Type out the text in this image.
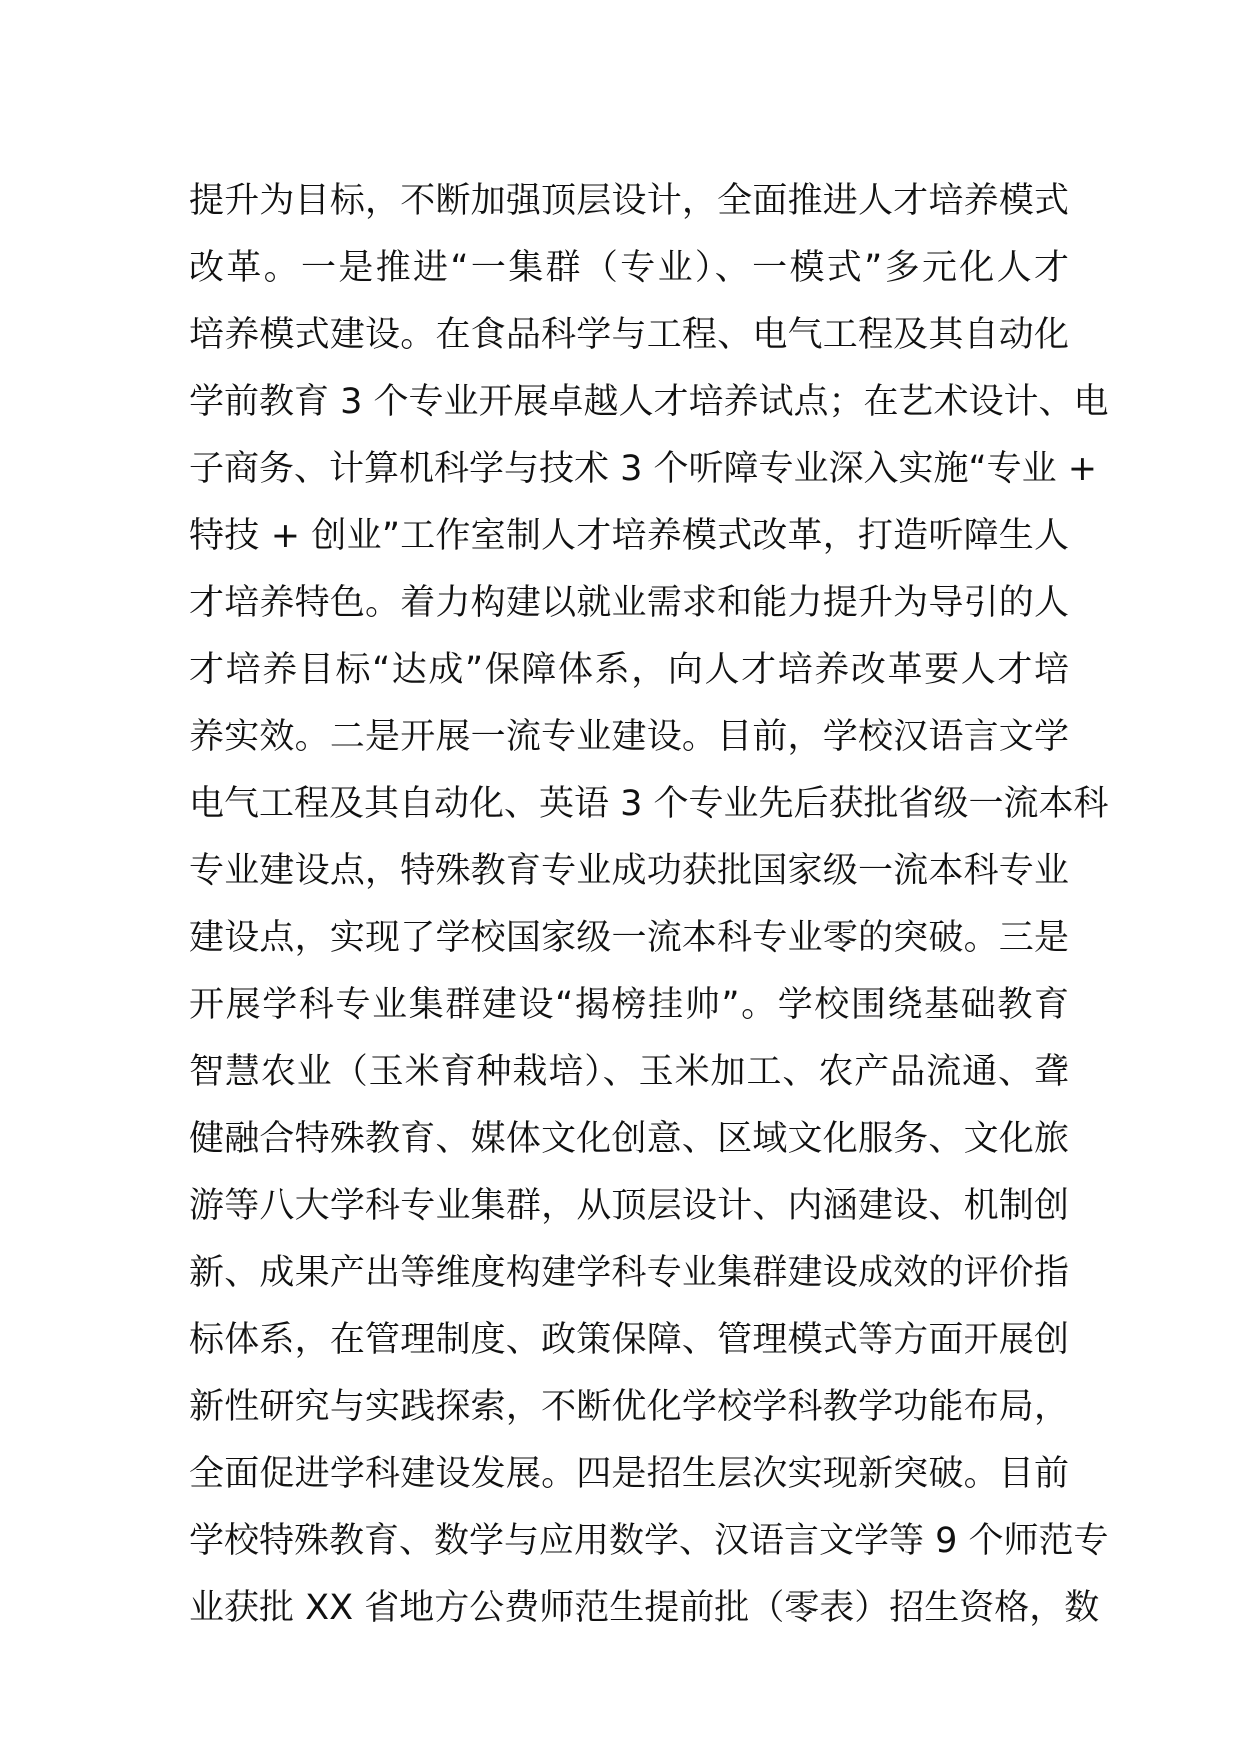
提升为目标，不断加强顶层设计，全面推进人才培养模式
改革。一是推进“一集群（专业）、一模式”多元化人才
培养模式建设。在食品科学与工程、电气工程及其自动化
学前教育 3 个专业开展卓越人才培养试点；在艺术设计、电
子商务、计算机科学与技术 3 个听障专业深入实施“专业 +
特技 + 创业”工作室制人才培养模式改革，打造听障生人
才培养特色。着力构建以就业需求和能力提升为导引的人
才培养目标“达成”保障体系，向人才培养改革要人才培
养实效。二是开展一流专业建设。目前，学校汉语言文学
电气工程及其自动化、英语 3 个专业先后获批省级一流本科
专业建设点，特殊教育专业成功获批国家级一流本科专业
建设点，实现了学校国家级一流本科专业零的突破。三是
开展学科专业集群建设“揭榜挂帅”。学校围绕基础教育
智慧农业（玉米育种栽培）、玉米加工、农产品流通、聋
健融合特殊教育、媒体文化创意、区域文化服务、文化旅
游等八大学科专业集群，从顶层设计、内涵建设、机制创
新、成果产出等维度构建学科专业集群建设成效的评价指
标体系，在管理制度、政策保障、管理模式等方面开展创
新性研究与实践探索，不断优化学校学科教学功能布局，
全面促进学科建设发展。四是招生层次实现新突破。目前
学校特殊教育、数学与应用数学、汉语言文学等 9 个师范专
业获批 XX 省地方公费师范生提前批（零表）招生资格，数
